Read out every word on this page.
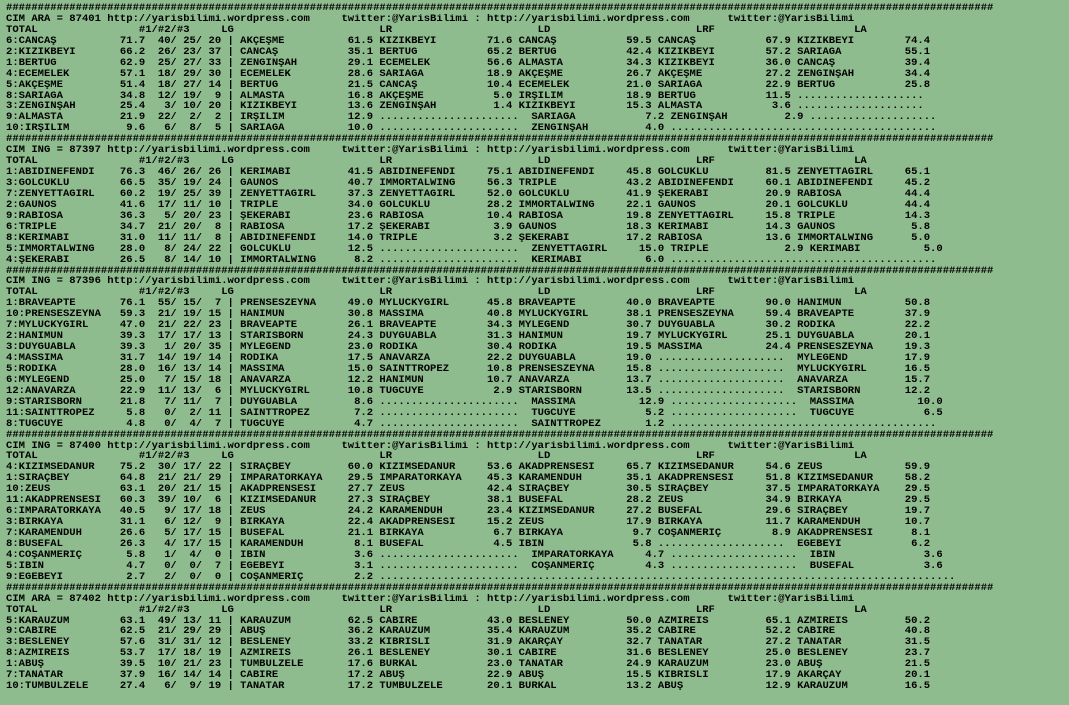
############################################################################################################################################################
CIM ARA = 87401 http://yarisbilimi.wordpress.com     twitter:@YarisBilimi : http://yarisbilimi.wordpress.com      twitter:@YarisBilimi
TOTAL                #1/#2/#3     LG                       LR                       LD                       LRF                      LA
6:CANCAŞ          71.7  40/ 25/ 20 | AKÇEŞME          61.5 KIZIKBEYİ        71.6 CANCAŞ           59.5 CANCAŞ           67.9 KIZIKBEYİ        74.4
2:KIZIKBEYİ       66.2  26/ 23/ 37 | CANCAŞ           35.1 BERTUĞ           65.2 BERTUĞ           42.4 KIZIKBEYİ        57.2 SARIAĞA          55.1
1:BERTUĞ          62.9  25/ 27/ 33 | ZENGİNŞAH        29.1 ECEMELEK         56.6 ALMASTA          34.3 KIZIKBEYİ        36.0 CANCAŞ           39.4
4:ECEMELEK        57.1  18/ 29/ 30 | ECEMELEK         28.6 SARIAĞA          18.9 AKÇEŞME          26.7 AKÇEŞME          27.2 ZENGİNŞAH        34.4
5:AKÇEŞME         51.4  18/ 27/ 14 | BERTUĞ           21.5 CANCAŞ           10.4 ECEMELEK         21.0 SARIAĞA          22.9 BERTUĞ           25.8
8:SARIAĞA         34.8  12/ 19/  9 | ALMASTA          16.8 AKÇEŞME           5.0 IRŞILIM          18.9 BERTUĞ           11.5 ....................
3:ZENGİNŞAH       25.4   3/ 10/ 20 | KIZIKBEYİ        13.6 ZENGİNŞAH         1.4 KIZIKBEYİ        15.3 ALMASTA           3.6 ....................
9:ALMASTA         21.9  22/  2/  2 | IRŞILIM          12.9 ......................  SARIAĞA           7.2 ZENGİNŞAH         2.9 ....................
10:IRŞILIM         9.6   6/  8/  5 | SARIAĞA          10.0 ......................  ZENGİNŞAH         4.0 ..........................................
############################################################################################################################################################
CIM ING = 87397 http://yarisbilimi.wordpress.com     twitter:@YarisBilimi : http://yarisbilimi.wordpress.com      twitter:@YarisBilimi
TOTAL                #1/#2/#3     LG                       LR                       LD                       LRF                      LA
1:ABİDİNEFENDİ    76.3  46/ 26/ 26 | KERİMABİ         41.5 ABİDİNEFENDİ     75.1 ABİDİNEFENDİ     45.8 GÖLCÜKLÜ         81.5 ZENYETTAGIRL     65.1
3:GÖLCÜKLÜ        66.5  35/ 19/ 24 | GAUNOS           40.7 IMMORTALWING     56.3 TRIPLE           43.2 ABİDİNEFENDİ     60.1 ABİDİNEFENDİ     45.2
7:ZENYETTAGIRL    60.2  19/ 25/ 39 | ZENYETTAGIRL     37.3 ZENYETTAGIRL     52.0 GÖLCÜKLÜ         41.9 ŞEKERABİ         20.9 RABIOSA          44.4
2:GAUNOS          41.6  17/ 11/ 10 | TRIPLE           34.0 GÖLCÜKLÜ         28.2 IMMORTALWING     22.1 GAUNOS           20.1 GÖLCÜKLÜ         44.4
9:RABIOSA         36.3   5/ 20/ 23 | ŞEKERABİ         23.6 RABIOSA          10.4 RABIOSA          19.8 ZENYETTAGIRL     15.8 TRIPLE           14.3
6:TRIPLE          34.7  21/ 20/  8 | RABIOSA          17.2 ŞEKERABİ          3.9 GAUNOS           18.3 KERİMABİ         14.3 GAUNOS            5.8
8:KERİMABİ        31.0  11/ 11/  8 | ABİDİNEFENDİ     14.0 TRIPLE            3.2 ŞEKERABİ         17.2 RABIOSA          13.6 IMMORTALWING      5.0
5:IMMORTALWING    28.0   8/ 24/ 22 | GÖLCÜKLÜ         12.5 ......................  ZENYETTAGIRL     15.0 TRIPLE            2.9 KERİMABİ          5.0
4:ŞEKERABİ        26.5   8/ 14/ 10 | IMMORTALWING      8.2 ......................  KERİMABİ          6.0 ..........................................
############################################################################################################################################################
CIM ING = 87396 http://yarisbilimi.wordpress.com     twitter:@YarisBilimi : http://yarisbilimi.wordpress.com      twitter:@YarisBilimi
TOTAL                #1/#2/#3     LG                       LR                       LD                       LRF                      LA
1:BRAVEAPTE       76.1  55/ 15/  7 | PRENSESZEYNA     49.0 MYLUCKYGIRL      45.8 BRAVEAPTE        40.0 BRAVEAPTE        90.0 HANİMUN          50.8
10:PRENSESZEYNA   59.3  21/ 19/ 15 | HANİMUN          30.8 MASSIMA          40.8 MYLUCKYGIRL      38.1 PRENSESZEYNA     59.4 BRAVEAPTE        37.9
7:MYLUCKYGIRL     47.0  21/ 22/ 23 | BRAVEAPTE        26.1 BRAVEAPTE        34.3 MYLEGEND         30.7 DUYGUABLA        30.2 RODIKA           22.2
2:HANİMUN         39.3  17/ 17/ 13 | STARISBORN       24.3 DUYGUABLA        31.3 HANİMUN          19.7 MYLUCKYGIRL      25.1 DUYGUABLA        20.1
3:DUYGUABLA       39.3   1/ 20/ 35 | MYLEGEND         23.0 RODIKA           30.4 RODIKA           19.5 MASSIMA          24.4 PRENSESZEYNA     19.3
4:MASSIMA         31.7  14/ 19/ 14 | RODIKA           17.5 ANAVARZA         22.2 DUYGUABLA        19.0 ....................  MYLEGEND         17.9
5:RODIKA          28.0  16/ 13/ 14 | MASSIMA          15.0 SAINTTROPEZ      10.8 PRENSESZEYNA     15.8 ....................  MYLUCKYGIRL      16.5
6:MYLEGEND        25.0   7/ 15/ 18 | ANAVARZA         12.2 HANİMUN          10.7 ANAVARZA         13.7 ....................  ANAVARZA         15.7
12:ANAVARZA       22.9  11/ 13/  6 | MYLUCKYGIRL      10.8 TUĞCUYE           2.9 STARISBORN       13.5 ....................  STARISBORN       12.2
9:STARISBORN      21.8   7/ 11/  7 | DUYGUABLA         8.6 ......................  MASSIMA          12.9 ....................  MASSIMA          10.0
11:SAINTTROPEZ     5.8   0/  2/ 11 | SAINTTROPEZ       7.2 ......................  TUĞCUYE           5.2 ....................  TUĞCUYE           6.5
8:TUĞCUYE          4.8   0/  4/  7 | TUĞCUYE           4.7 ......................  SAINTTROPEZ       1.2 ..........................................
############################################################################################################################################################
CIM ING = 87400 http://yarisbilimi.wordpress.com     twitter:@YarisBilimi : http://yarisbilimi.wordpress.com      twitter:@YarisBilimi
TOTAL                #1/#2/#3     LG                       LR                       LD                       LRF                      LA
4:KIZIMSEDANUR    75.2  30/ 17/ 22 | SIRAÇBEY         60.0 KIZIMSEDANUR     53.6 AKADPRENSESİ     65.7 KIZIMSEDANUR     54.6 ZEUS             59.9
1:SIRAÇBEY        64.8  21/ 21/ 29 | İMPARATORKAYA    29.5 İMPARATORKAYA    45.3 KARAMENDUH       35.1 AKADPRENSESİ     51.8 KIZIMSEDANUR     58.2
10:ZEUS           63.1  20/ 21/ 15 | AKADPRENSESİ     27.7 ZEUS             42.4 SIRAÇBEY         30.5 SIRAÇBEY         37.5 İMPARATORKAYA    29.5
11:AKADPRENSESİ   60.3  39/ 10/  6 | KIZIMSEDANUR     27.3 SIRAÇBEY         38.1 BUSEFAL          28.2 ZEUS             34.9 BİRKAYA          29.5
6:İMPARATORKAYA   40.5   9/ 17/ 18 | ZEUS             24.2 KARAMENDUH       23.4 KIZIMSEDANUR     27.2 BUSEFAL          29.6 SIRAÇBEY         19.7
3:BİRKAYA         31.1   6/ 12/  9 | BİRKAYA          22.4 AKADPRENSESİ     15.2 ZEUS             17.9 BİRKAYA          11.7 KARAMENDUH       10.7
7:KARAMENDUH      26.6   5/ 17/ 15 | BUSEFAL          21.1 BİRKAYA           6.7 BİRKAYA           9.7 COŞANMERİÇ        8.9 AKADPRENSESİ      8.1
8:BUSEFAL         26.3   4/ 17/ 15 | KARAMENDUH        8.1 BUSEFAL           4.5 İBİN              5.8 ....................  EGEBEYİ           6.2
4:COŞANMERİÇ       5.8   1/  4/  0 | İBİN              3.6 ......................  İMPARATORKAYA     4.7 ....................  İBİN              3.6
5:İBİN             4.7   0/  0/  7 | EGEBEYİ           3.1 ......................  COŞANMERİÇ        4.3 ....................  BUSEFAL           3.6
9:EGEBEYİ          2.7   2/  0/  0 | COŞANMERİÇ        2.2 ...........................................................................................
############################################################################################################################################################
CIM ARA = 87402 http://yarisbilimi.wordpress.com     twitter:@YarisBilimi : http://yarisbilimi.wordpress.com      twitter:@YarisBilimi
TOTAL                #1/#2/#3     LG                       LR                       LD                       LRF                      LA
5:KARAÜZÜM        63.1  49/ 13/ 11 | KARAÜZÜM         62.5 CABİRE           43.0 BESLENEY         50.0 AZMİREİS         65.1 AZMİREİS         50.2
9:CABİRE          62.5  21/ 29/ 29 | ABUŞ             36.2 KARAÜZÜM         35.4 KARAÜZÜM         35.2 CABİRE           52.2 CABİRE           40.8
3:BESLENEY        57.6  31/ 31/ 12 | BESLENEY         33.2 KIBRISLI         31.9 AKARÇAY          32.7 TANATAR          27.2 TANATAR          31.5
8:AZMİREİS        53.7  17/ 18/ 19 | AZMİREİS         26.1 BESLENEY         30.1 CABİRE           31.6 BESLENEY         25.0 BESLENEY         23.7
1:ABUŞ            39.5  10/ 21/ 23 | TUMBULZELE       17.6 BURKAL           23.0 TANATAR          24.9 KARAÜZÜM         23.0 ABUŞ             21.5
7:TANATAR         37.9  16/ 14/ 14 | CABİRE           17.2 ABUŞ             22.9 ABUŞ             15.5 KIBRISLI         17.9 AKARÇAY          20.1
10:TUMBULZELE     27.4   6/  9/ 19 | TANATAR          17.2 TUMBULZELE       20.1 BURKAL           13.2 ABUŞ             12.9 KARAÜZÜM         16.5
